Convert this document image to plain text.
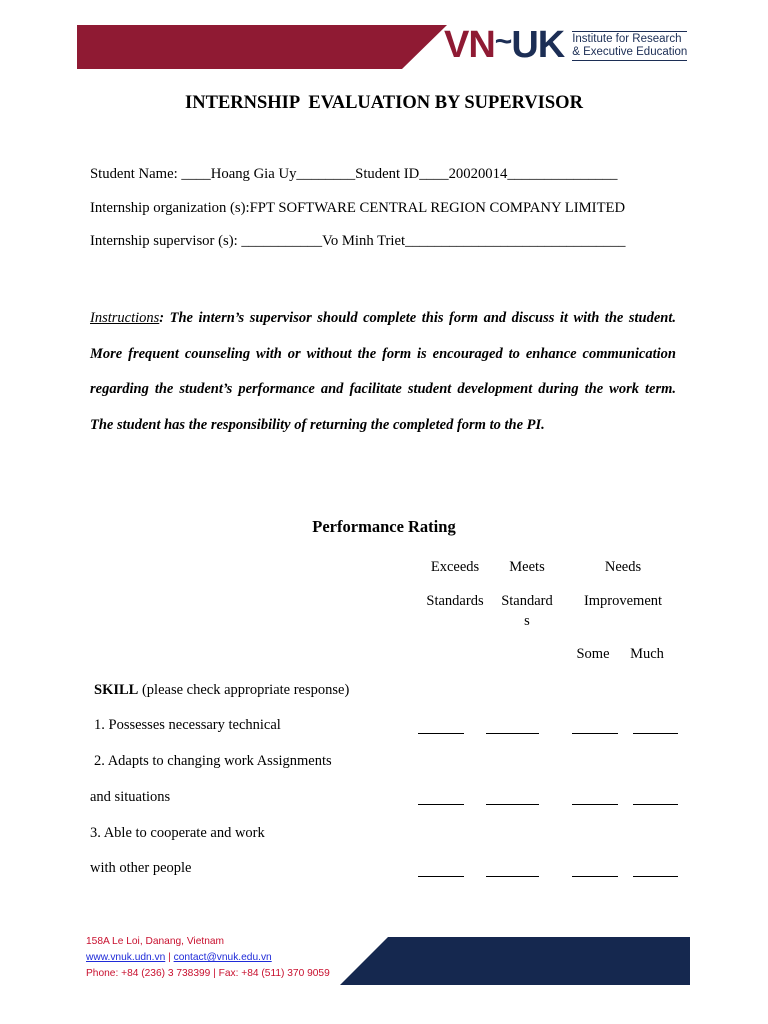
VN~UK Institute for Research
& Executive Education
INTERNSHIP  EVALUATION BY SUPERVISOR
Student Name: ____Hoang Gia Uy________Student ID____20020014_______________
Internship organization (s):FPT SOFTWARE CENTRAL REGION COMPANY LIMITED
Internship supervisor (s): ___________Vo Minh Triet______________________________
Instructions: The intern’s supervisor should complete this form and discuss it with the student. More frequent counseling with or without the form is encouraged to enhance communication regarding the student’s performance and facilitate student development during the work term. The student has the responsibility of returning the completed form to the PI.
Performance Rating
Exceeds
Standards
Meets
Standard
s
Needs
Improvement
Some	Much
SKILL (please check appropriate response)
1. Possesses necessary technical
2. Adapts to changing work Assignments
and situations
3. Able to cooperate and work
with other people
158A Le Loi, Danang, Vietnam
www.vnuk.udn.vn | contact@vnuk.edu.vn
Phone: +84 (236) 3 738399 | Fax: +84 (511) 370 9059
